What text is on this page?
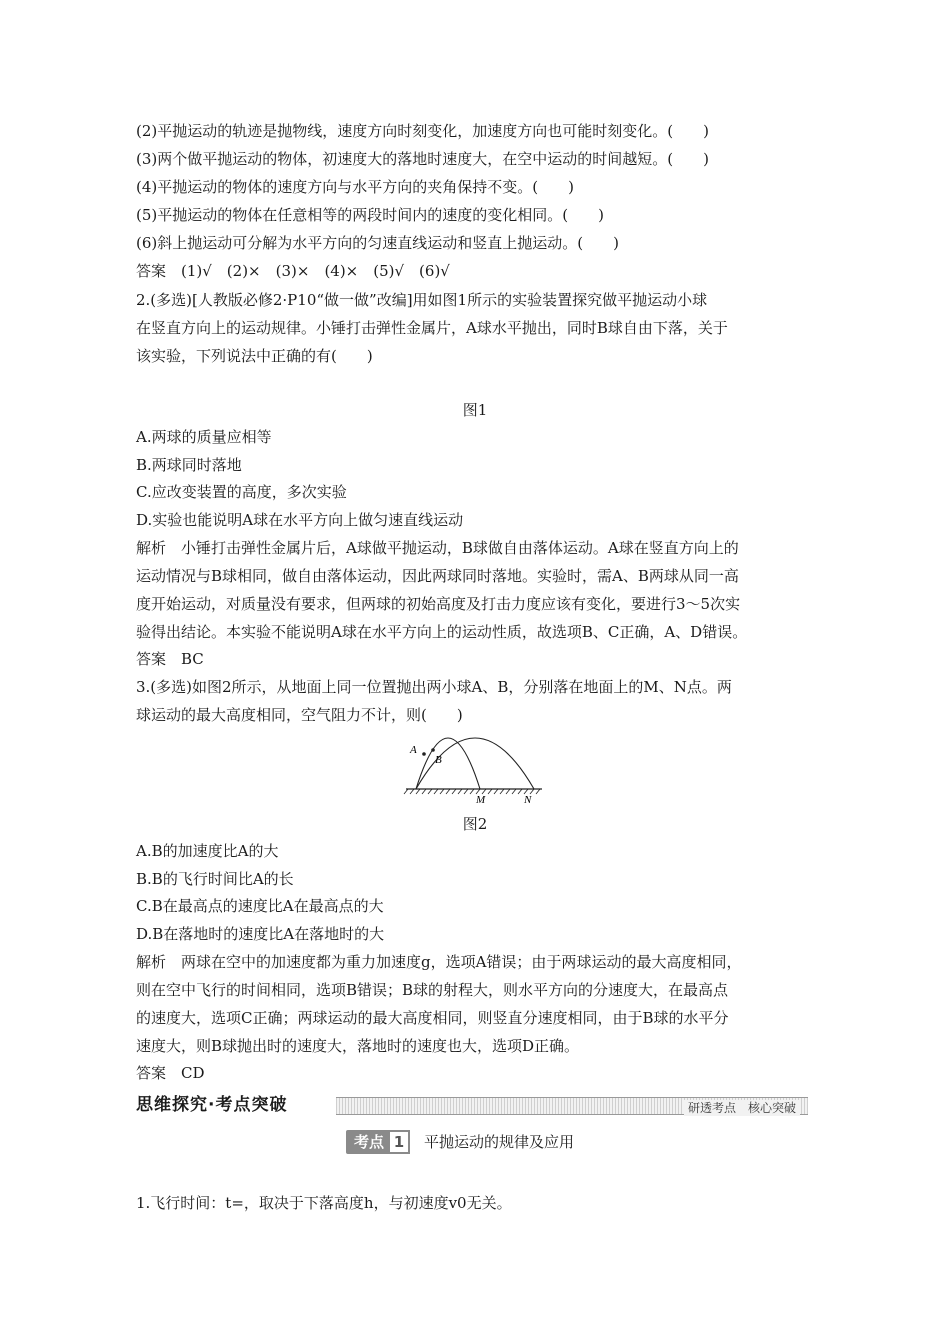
(2)平抛运动的轨迹是抛物线，速度方向时刻变化，加速度方向也可能时刻变化。(　　)
(3)两个做平抛运动的物体，初速度大的落地时速度大，在空中运动的时间越短。(　　)
(4)平抛运动的物体的速度方向与水平方向的夹角保持不变。(　　)
(5)平抛运动的物体在任意相等的两段时间内的速度的变化相同。(　　)
(6)斜上抛运动可分解为水平方向的匀速直线运动和竖直上抛运动。(　　)
答案　(1)√　(2)×　(3)×　(4)×　(5)√　(6)√
2.(多选)[人教版必修2·P10“做一做”改编]用如图1所示的实验装置探究做平抛运动小球
在竖直方向上的运动规律。小锤打击弹性金属片，A球水平抛出，同时B球自由下落，关于
该实验，下列说法中正确的有(　　)
图1
A.两球的质量应相等
B.两球同时落地
C.应改变装置的高度，多次实验
D.实验也能说明A球在水平方向上做匀速直线运动
解析　小锤打击弹性金属片后，A球做平抛运动，B球做自由落体运动。A球在竖直方向上的
运动情况与B球相同，做自由落体运动，因此两球同时落地。实验时，需A、B两球从同一高
度开始运动，对质量没有要求，但两球的初始高度及打击力度应该有变化，要进行3～5次实
验得出结论。本实验不能说明A球在水平方向上的运动性质，故选项B、C正确，A、D错误。
答案　BC
3.(多选)如图2所示，从地面上同一位置抛出两小球A、B，分别落在地面上的M、N点。两
球运动的最大高度相同，空气阻力不计，则(　　)
A
B
M	N
图2
A.B的加速度比A的大
B.B的飞行时间比A的长
C.B在最高点的速度比A在最高点的大
D.B在落地时的速度比A在落地时的大
解析　两球在空中的加速度都为重力加速度g，选项A错误；由于两球运动的最大高度相同，
则在空中飞行的时间相同，选项B错误；B球的射程大，则水平方向的分速度大，在最高点
的速度大，选项C正确；两球运动的最大高度相同，则竖直分速度相同，由于B球的水平分
速度大，则B球抛出时的速度大，落地时的速度也大，选项D正确。
答案　CD
研透考点　核心突破
思维探究·考点突破
考点 1 平抛运动的规律及应用
1.飞行时间：t=，取决于下落高度h，与初速度v0无关。
